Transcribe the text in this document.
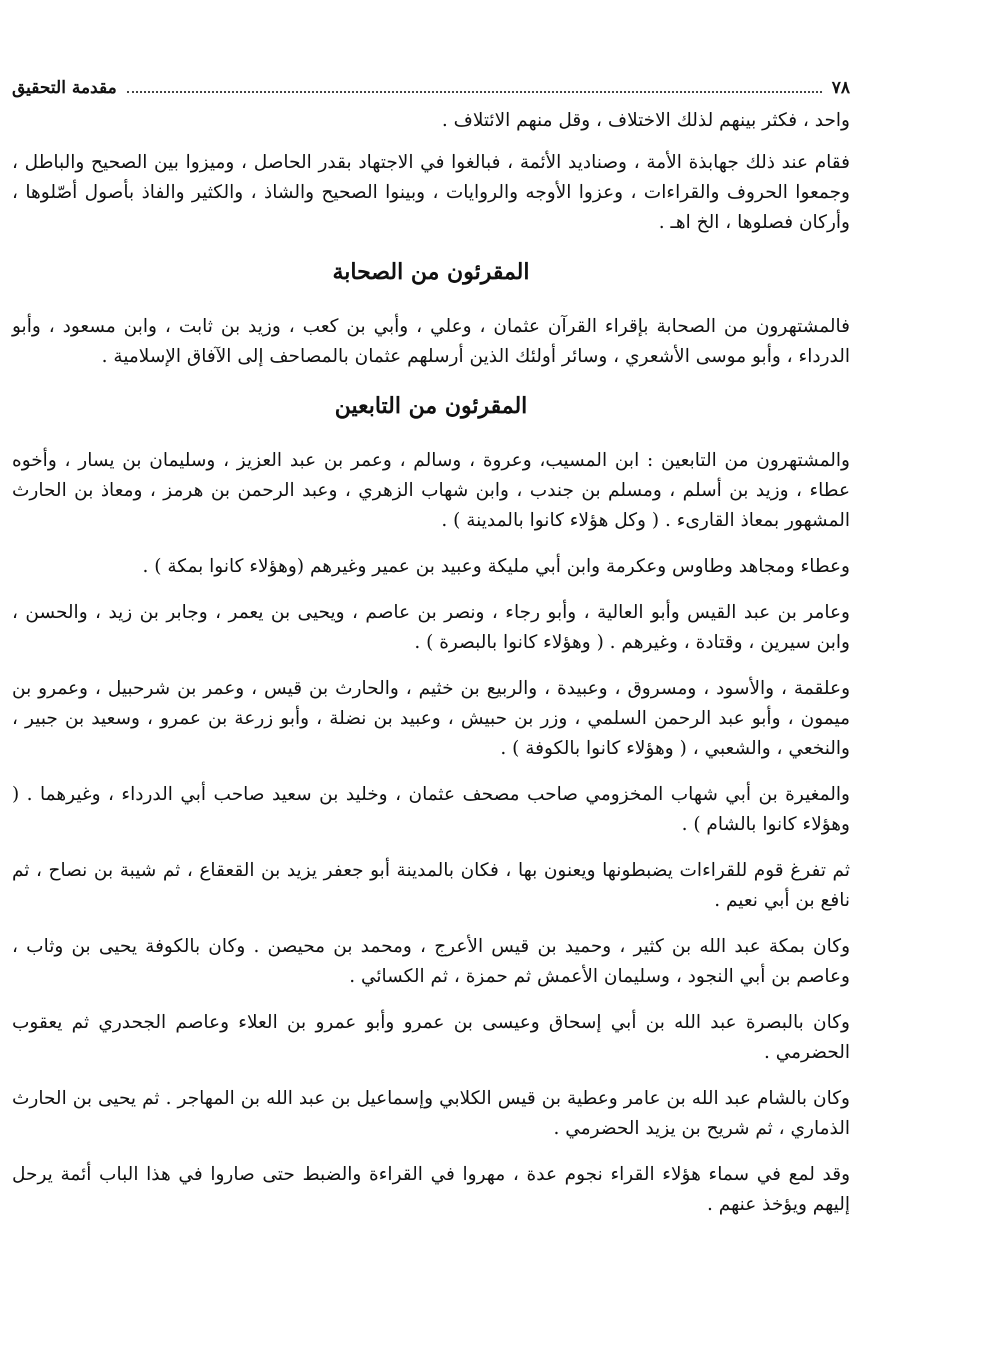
٧٨
مقدمة التحقيق

واحد ، فكثر بينهم لذلك الاختلاف ، وقل منهم الائتلاف .

فقام عند ذلك جهابذة الأمة ، وصناديد الأئمة ، فبالغوا في الاجتهاد بقدر الحاصل ، وميزوا بين الصحيح والباطل ، وجمعوا الحروف والقراءات ، وعزوا الأوجه والروايات ، وبينوا الصحيح والشاذ ، والكثير والفاذ بأصول أصّلوها ، وأركان فصلوها ، الخ اهـ .

المقرئون من الصحابة

فالمشتهرون من الصحابة بإقراء القرآن عثمان ، وعلي ، وأبي بن كعب ، وزيد بن ثابت ، وابن مسعود ، وأبو الدرداء ، وأبو موسى الأشعري ، وسائر أولئك الذين أرسلهم عثمان بالمصاحف إلى الآفاق الإسلامية .

المقرئون من التابعين

والمشتهرون من التابعين : ابن المسيب، وعروة ، وسالم ، وعمر بن عبد العزيز ، وسليمان بن يسار ، وأخوه عطاء ، وزيد بن أسلم ، ومسلم بن جندب ، وابن شهاب الزهري ، وعبد الرحمن بن هرمز ، ومعاذ بن الحارث المشهور بمعاذ القارىء . ( وكل هؤلاء كانوا بالمدينة ) .

وعطاء ومجاهد وطاوس وعكرمة وابن أبي مليكة وعبيد بن عمير وغيرهم (وهؤلاء كانوا بمكة ) .

وعامر بن عبد القيس وأبو العالية ، وأبو رجاء ، ونصر بن عاصم ، ويحيى بن يعمر ، وجابر بن زيد ، والحسن ، وابن سيرين ، وقتادة ، وغيرهم . ( وهؤلاء كانوا بالبصرة ) .

وعلقمة ، والأسود ، ومسروق ، وعبيدة ، والربيع بن خثيم ، والحارث بن قيس ، وعمر بن شرحبيل ، وعمرو بن ميمون ، وأبو عبد الرحمن السلمي ، وزر بن حبيش ، وعبيد بن نضلة ، وأبو زرعة بن عمرو ، وسعيد بن جبير ، والنخعي ، والشعبي ، ( وهؤلاء كانوا بالكوفة ) .

والمغيرة بن أبي شهاب المخزومي صاحب مصحف عثمان ، وخليد بن سعيد صاحب أبي الدرداء ، وغيرهما . ( وهؤلاء كانوا بالشام ) .

ثم تفرغ قوم للقراءات يضبطونها ويعنون بها ، فكان بالمدينة أبو جعفر يزيد بن القعقاع ، ثم شيبة بن نصاح ، ثم نافع بن أبي نعيم .

وكان بمكة عبد الله بن كثير ، وحميد بن قيس الأعرج ، ومحمد بن محيصن . وكان بالكوفة يحيى بن وثاب ، وعاصم بن أبي النجود ، وسليمان الأعمش ثم حمزة ، ثم الكسائي .

وكان بالبصرة عبد الله بن أبي إسحاق وعيسى بن عمرو وأبو عمرو بن العلاء وعاصم الجحدري ثم يعقوب الحضرمي .

وكان بالشام عبد الله بن عامر وعطية بن قيس الكلابي وإسماعيل بن عبد الله بن المهاجر . ثم يحيى بن الحارث الذماري ، ثم شريح بن يزيد الحضرمي .

وقد لمع في سماء هؤلاء القراء نجوم عدة ، مهروا في القراءة والضبط حتى صاروا في هذا الباب أئمة يرحل إليهم ويؤخذ عنهم .
